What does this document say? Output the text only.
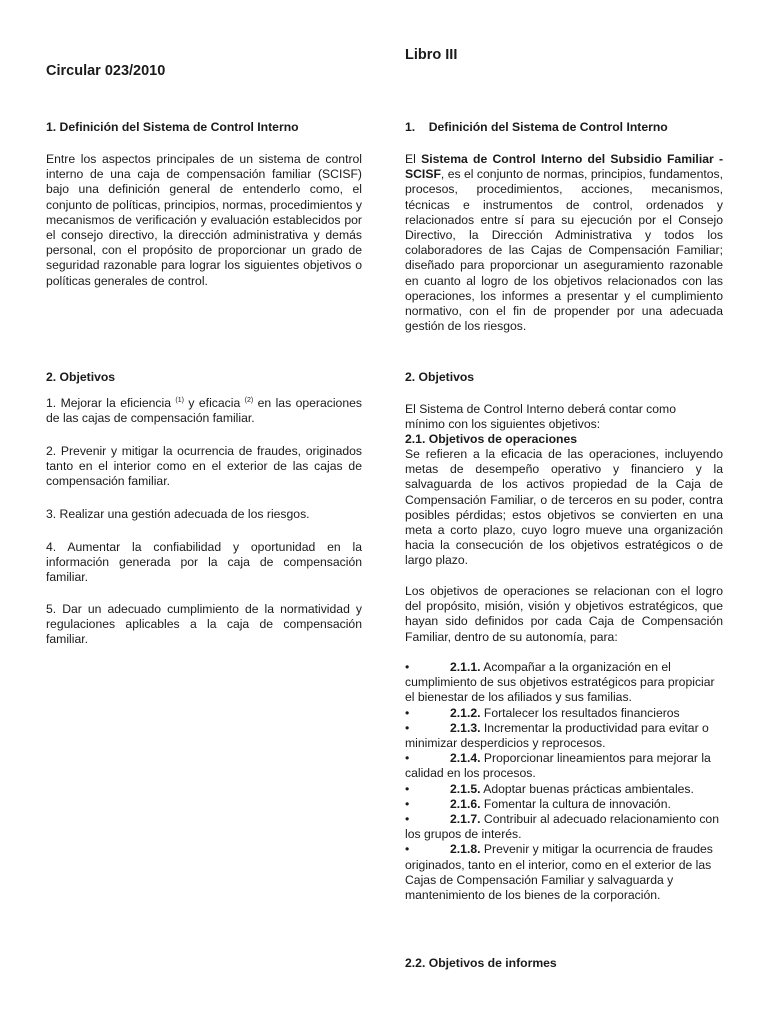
Circular 023/2010
1. Definición del Sistema de Control Interno
Entre los aspectos principales de un sistema de control interno de una caja de compensación familiar (SCISF) bajo una definición general de entenderlo como, el conjunto de políticas, principios, normas, procedimientos y mecanismos de verificación y evaluación establecidos por el consejo directivo, la dirección administrativa y demás personal, con el propósito de proporcionar un grado de seguridad razonable para lograr los siguientes objetivos o políticas generales de control.
2. Objetivos
1. Mejorar la eficiencia $^{(1)}$ y eficacia $^{(2)}$ en las operaciones de las cajas de compensación familiar.
2. Prevenir y mitigar la ocurrencia de fraudes, originados tanto en el interior como en el exterior de las cajas de compensación familiar.
3. Realizar una gestión adecuada de los riesgos.
4. Aumentar la confiabilidad y oportunidad en la información generada por la caja de compensación familiar.
5. Dar un adecuado cumplimiento de la normatividad y regulaciones aplicables a la caja de compensación familiar.
Libro III
1.    Definición del Sistema de Control Interno
El Sistema de Control Interno del Subsidio Familiar - SCISF, es el conjunto de normas, principios, fundamentos, procesos, procedimientos, acciones, mecanismos, técnicas e instrumentos de control, ordenados y relacionados entre sí para su ejecución por el Consejo Directivo, la Dirección Administrativa y todos los colaboradores de las Cajas de Compensación Familiar; diseñado para proporcionar un aseguramiento razonable en cuanto al logro de los objetivos relacionados con las operaciones, los informes a presentar y el cumplimiento normativo, con el fin de propender por una adecuada gestión de los riesgos.
2. Objetivos
El Sistema de Control Interno deberá contar como mínimo con los siguientes objetivos:
2.1. Objetivos de operaciones
Se refieren a la eficacia de las operaciones, incluyendo metas de desempeño operativo y financiero y la salvaguarda de los activos propiedad de la Caja de Compensación Familiar, o de terceros en su poder, contra posibles pérdidas; estos objetivos se convierten en una meta a corto plazo, cuyo logro mueve una organización hacia la consecución de los objetivos estratégicos o de largo plazo.
Los objetivos de operaciones se relacionan con el logro del propósito, misión, visión y objetivos estratégicos, que hayan sido definidos por cada Caja de Compensación Familiar, dentro de su autonomía, para:
•	2.1.1. Acompañar a la organización en el cumplimiento de sus objetivos estratégicos para propiciar el bienestar de los afiliados y sus familias.
•	2.1.2. Fortalecer los resultados financieros
•	2.1.3. Incrementar la productividad para evitar o minimizar desperdicios y reprocesos.
•	2.1.4. Proporcionar lineamientos para mejorar la calidad en los procesos.
•	2.1.5. Adoptar buenas prácticas ambientales.
•	2.1.6. Fomentar la cultura de innovación.
•	2.1.7. Contribuir al adecuado relacionamiento con los grupos de interés.
•	2.1.8. Prevenir y mitigar la ocurrencia de fraudes originados, tanto en el interior, como en el exterior de las Cajas de Compensación Familiar y salvaguarda y mantenimiento de los bienes de la corporación.
2.2. Objetivos de informes
